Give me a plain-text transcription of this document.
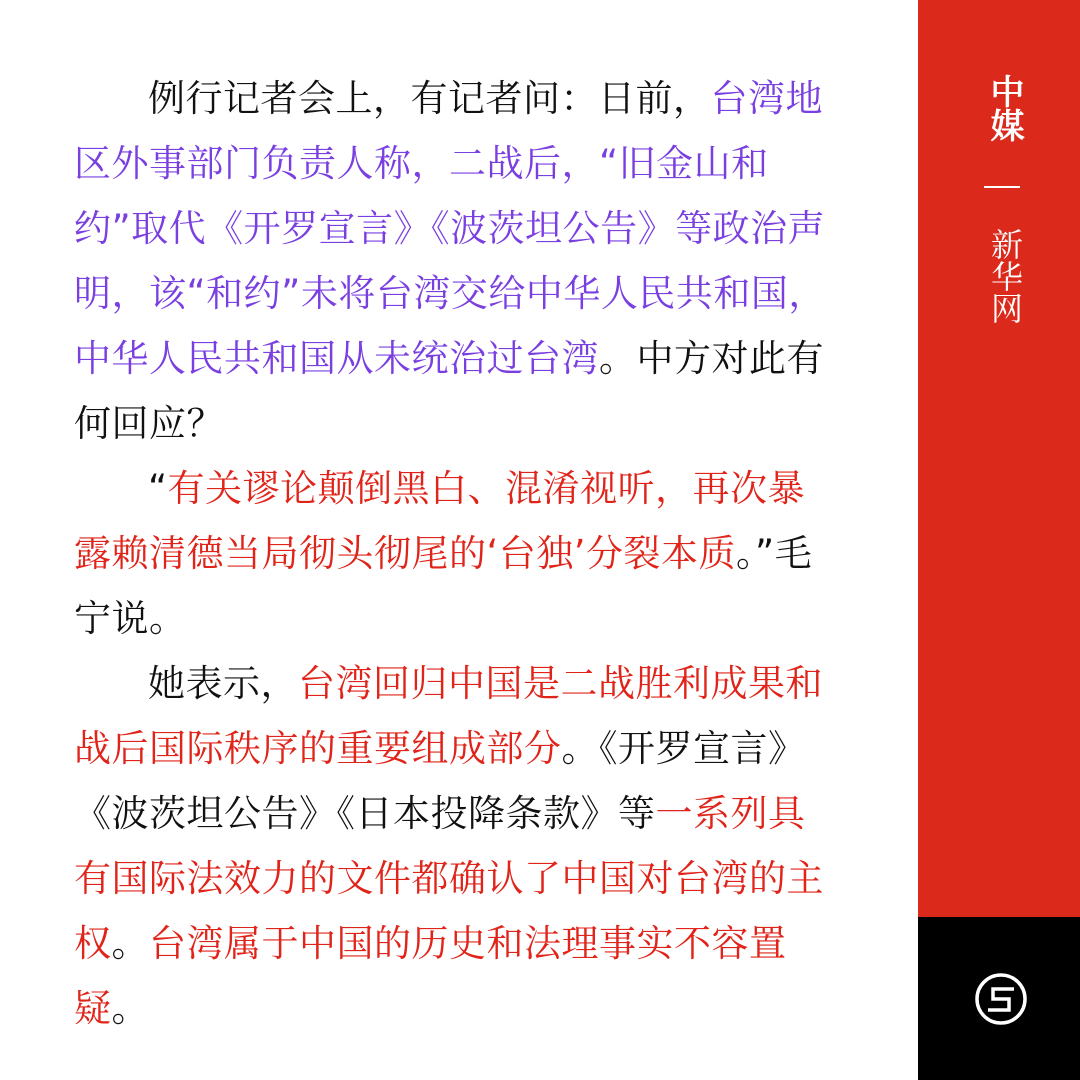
例行记者会上，有记者问：日前，台湾地区外事部门负责人称，二战后，“旧金山和约”取代《开罗宣言》《波茨坦公告》等政治声明，该“和约”未将台湾交给中华人民共和国，中华人民共和国从未统治过台湾。中方对此有何回应？

“有关谬论颠倒黑白、混淆视听，再次暴露赖清德当局彻头彻尾的‘台独’分裂本质。”毛宁说。

她表示，台湾回归中国是二战胜利成果和战后国际秩序的重要组成部分。《开罗宣言》《波茨坦公告》《日本投降条款》等一系列具有国际法效力的文件都确认了中国对台湾的主权。台湾属于中国的历史和法理事实不容置疑。

中媒
新华网
